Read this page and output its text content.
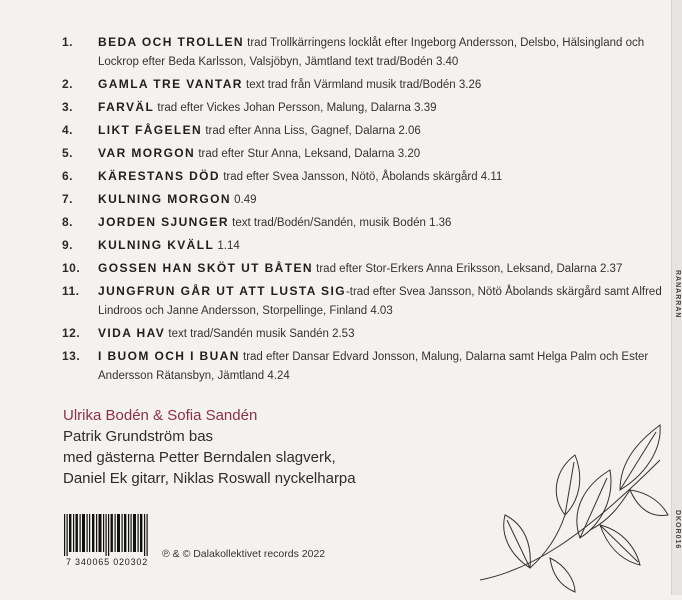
RANARRAN
DKOR016
1.	BEDA OCH TROLLEN trad Trollkärringens locklåt efter Ingeborg Andersson, Delsbo, Hälsingland och Lockrop efter Beda Karlsson, Valsjöbyn, Jämtland text trad/Bodén 3.40
2.	GAMLA TRE VANTAR text trad från Värmland musik trad/Bodén 3.26
3.	FARVÄL trad efter Vickes Johan Persson, Malung, Dalarna 3.39
4.	LIKT FÅGELEN trad efter Anna Liss, Gagnef, Dalarna 2.06
5.	VAR MORGON trad efter Stur Anna, Leksand, Dalarna 3.20
6.	KÄRESTANS DÖD trad efter Svea Jansson, Nötö, Åbolands skärgård 4.11
7.	KULNING MORGON 0.49
8.	JORDEN SJUNGER text trad/Bodén/Sandén, musik Bodén 1.36
9.	KULNING KVÄLL 1.14
10.	GOSSEN HAN SKÖT UT BÅTEN trad efter Stor-Erkers Anna Eriksson, Leksand, Dalarna 2.37
11.	JUNGFRUN GÅR UT ATT LUSTA SIG-trad efter Svea Jansson, Nötö Åbolands skärgård samt Alfred Lindroos och Janne Andersson, Storpellinge, Finland 4.03
12.	VIDA HAV text trad/Sandén musik Sandén 2.53
13.	I BUOM OCH I BUAN trad efter Dansar Edvard Jonsson, Malung, Dalarna samt Helga Palm och Ester Andersson Rätansbyn, Jämtland 4.24
Ulrika Bodén & Sofia Sandén
Patrik Grundström bas
med gästerna Petter Berndalen slagverk,
Daniel Ek gitarr, Niklas Roswall nyckelharpa
7 340065 020302
℗ & © Dalakollektivet records 2022
